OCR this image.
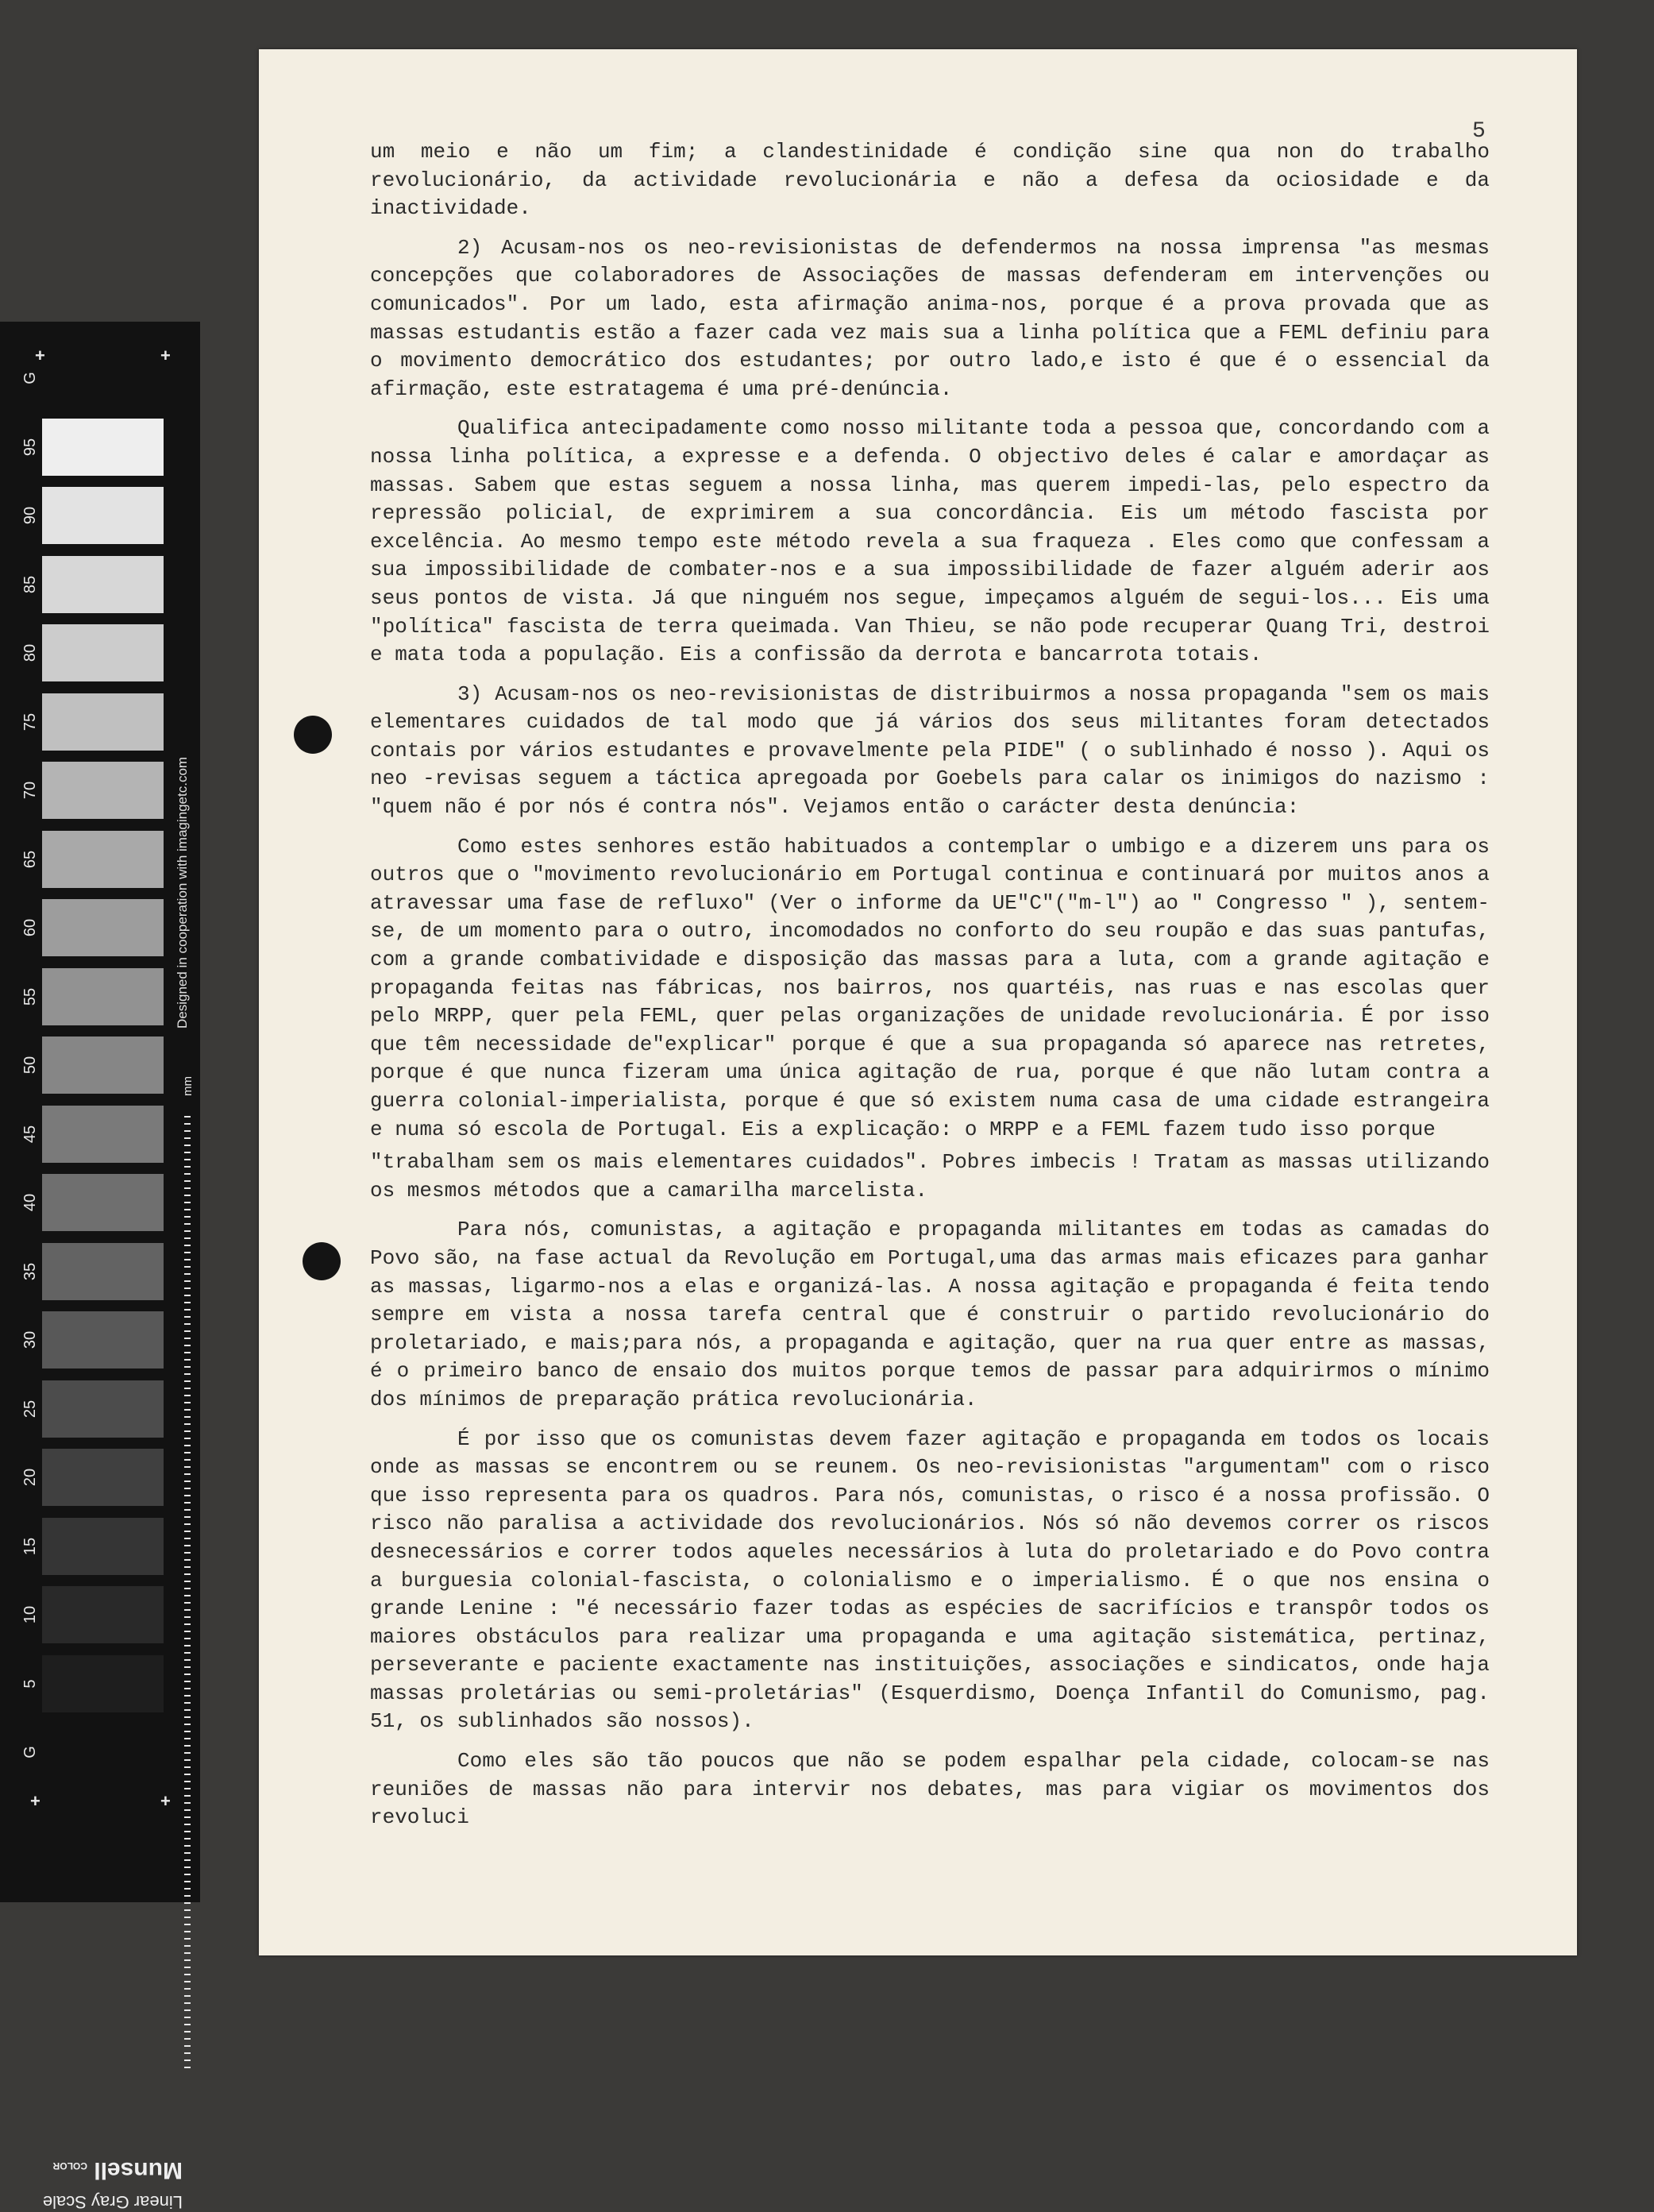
G
95
90
85
80
75
70
65
60
55
50
45
40
35
30
25
20
15
10
5
G
+	+
+	+
Designed in cooperation with imagingetc.com
mm
Linear Gray Scale
Munsell COLOR
5

um meio e não um fim; a clandestinidade é condição sine qua non do trabalho revolucionário, da actividade revolucionária e não a defesa da ociosidade e da inactividade.

2) Acusam-nos os neo-revisionistas de defendermos na nossa imprensa "as mesmas concepções que colaboradores de Associações de massas defenderam em intervenções ou comunicados". Por um lado, esta afirmação anima-nos, porque é a prova provada que as massas estudantis estão a fazer cada vez mais sua a linha política que a FEML definiu para o movimento democrático dos estudantes; por outro lado,e isto é que é o essencial da afirmação, este estratagema é uma pré-denúncia.

Qualifica antecipadamente como nosso militante toda a pessoa que, concordando com a nossa linha política, a expresse e a defenda. O objectivo deles é calar e amordaçar as massas. Sabem que estas seguem a nossa linha, mas querem impedi-las, pelo espectro da repressão policial, de exprimirem a sua concordância. Eis um método fascista por excelência. Ao mesmo tempo este método revela a sua fraqueza . Eles como que confessam a sua impossibilidade de combater-nos e a sua impossibilidade de fazer alguém aderir aos seus pontos de vista. Já que ninguém nos segue, impeçamos alguém de segui-los... Eis uma "política" fascista de terra queimada. Van Thieu, se não pode recuperar Quang Tri, destroi e mata toda a população. Eis a confissão da derrota e bancarrota totais.

3) Acusam-nos os neo-revisionistas de distribuirmos a nossa propaganda "sem os mais elementares cuidados de tal modo que já vários dos seus militantes foram detectados contais por vários estudantes e provavelmente pela PIDE" ( o sublinhado é nosso ). Aqui os neo -revisas seguem a táctica apregoada por Goebels para calar os inimigos do nazismo : "quem não é por nós é contra nós". Vejamos então o carácter desta denúncia:

Como estes senhores estão habituados a contemplar o umbigo e a dizerem uns para os outros que o "movimento revolucionário em Portugal continua e continuará por muitos anos a atravessar uma fase de refluxo" (Ver o informe da UE"C"("m-l") ao " Congresso " ), sentem-se, de um momento para o outro, incomodados no conforto do seu roupão e das suas pantufas, com a grande combatividade e disposição das massas para a luta, com a grande agitação e propaganda feitas nas fábricas, nos bairros, nos quartéis, nas ruas e nas escolas quer pelo MRPP, quer pela FEML, quer pelas organizações de unidade revolucionária. É por isso que têm necessidade de"explicar" porque é que a sua propaganda só aparece nas retretes, porque é que nunca fizeram uma única agitação de rua, porque é que não lutam contra a guerra colonial-imperialista, porque é que só existem numa casa de uma cidade estrangeira e numa só escola de Portugal. Eis a explicação: o MRPP e a FEML fazem tudo isso porque

"trabalham sem os mais elementares cuidados". Pobres imbecis ! Tratam as massas utilizando os mesmos métodos que a camarilha marcelista.

Para nós, comunistas, a agitação e propaganda militantes em todas as camadas do Povo são, na fase actual da Revolução em Portugal,uma das armas mais eficazes para ganhar as massas, ligarmo-nos a elas e organizá-las. A nossa agitação e propaganda é feita tendo sempre em vista a nossa tarefa central que é construir o partido revolucionário do proletariado, e mais;para nós, a propaganda e agitação, quer na rua quer entre as massas, é o primeiro banco de ensaio dos muitos porque temos de passar para adquirirmos o mínimo dos mínimos de preparação prática revolucionária.

É por isso que os comunistas devem fazer agitação e propaganda em todos os locais onde as massas se encontrem ou se reunem. Os neo-revisionistas "argumentam" com o risco que isso representa para os quadros. Para nós, comunistas, o risco é a nossa profissão. O risco não paralisa a actividade dos revolucionários. Nós só não devemos correr os riscos desnecessários e correr todos aqueles necessários à luta do proletariado e do Povo contra a burguesia colonial-fascista, o colonialismo e o imperialismo. É o que nos ensina o grande Lenine : "é necessário fazer todas as espécies de sacrifícios e transpôr todos os maiores obstáculos para realizar uma propaganda e uma agitação sistemática, pertinaz, perseverante e paciente exactamente nas instituições, associações e sindicatos, onde haja massas proletárias ou semi-proletárias" (Esquerdismo, Doença Infantil do Comunismo, pag. 51, os sublinhados são nossos).

Como eles são tão poucos que não se podem espalhar pela cidade, colocam-se nas reuniões de massas não para intervir nos debates, mas para vigiar os movimentos dos revoluci
